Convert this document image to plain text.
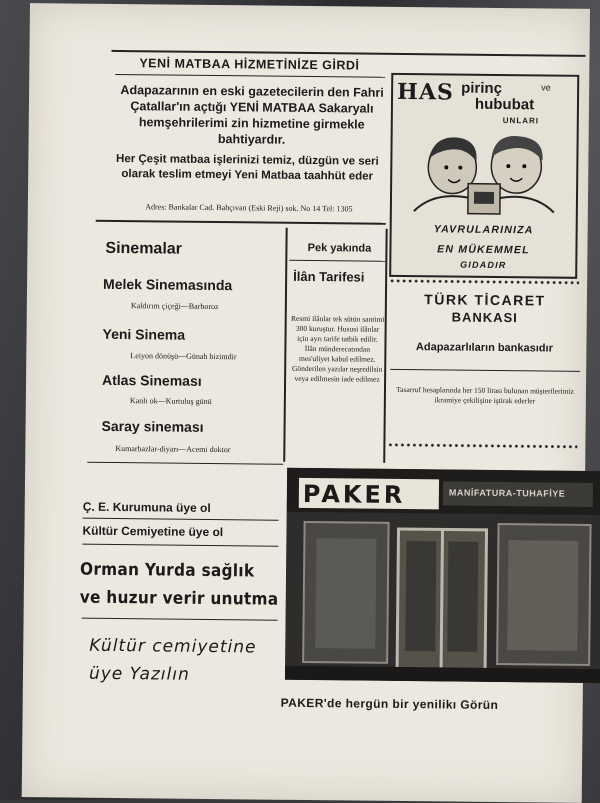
YENİ MATBAA HİZMETİNİZE GİRDİ
Adapazarının en eski gazetecilerin den Fahri Çatallar'ın açtığı YENİ MATBAA Sakaryalı hemşehrilerimi zin hizmetine girmekle bahtiyardır.
Her Çeşit matbaa işlerinizi temiz, düzgün ve seri olarak teslim etmeyi Yeni Matbaa taahhüt eder
Adres: Bankalar Cad. Bahçıvan (Eski Reji) sok. No 14 Tel: 1305
HAS pirinç	ve
hububat
UNLARI
YAVRULARINIZA
EN MÜKEMMEL
GIDADIR
Sinemalar
Melek Sinemasında
Kaldırım çiçeği—Barboroz
Yeni Sinema
Leiyon dönüşü—Günah bizimdir
Atlas Sineması
Kanlı ok—Kurtuluş günü
Saray sineması
Kumarbazlar-diyarı—Acemi doktor
Pek yakında
İlân Tarifesi
Resmi ilânlar tek sütün santimi 300 kuruştur. Hususi ilânlar için ayrı tarife tatbik edilir. İlân münderecatından mes'uliyet kabul edilmez. Gönderilen yazılar neşredilsin veya edilmesin iade edilmez
TÜRK TİCARET
BANKASI
Adapazarlıların bankasıdır
Tasarruf hesaplarında her 150 lirası bulunan müşterilerimiz ikramiye çekilişine iştirak ederler
PAKER	MANİFATURA-TUHAFİYE
PAKER'de hergün bir yenilikı Görün
Ç. E. Kurumuna üye ol
Kültür Cemiyetine üye ol
Orman Yurda sağlık
ve huzur verir unutma
Kültür cemiyetine
üye Yazılın
